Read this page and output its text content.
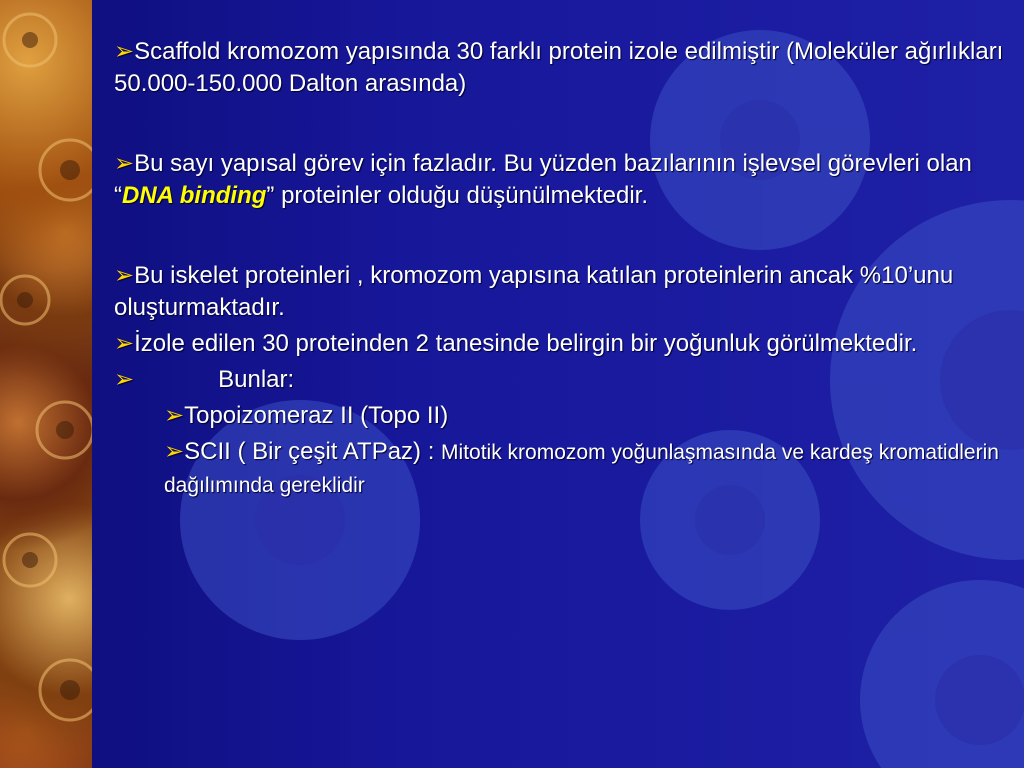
➢Scaffold kromozom yapısında 30 farklı protein izole edilmiştir (Moleküler ağırlıkları 50.000-150.000 Dalton arasında)

➢Bu sayı yapısal görev için fazladır. Bu yüzden bazılarının işlevsel görevleri olan “DNA binding” proteinler olduğu düşünülmektedir.

➢Bu iskelet proteinleri , kromozom yapısına katılan proteinlerin ancak %10’unu oluşturmaktadır.

➢İzole edilen 30 proteinden 2 tanesinde belirgin bir yoğunluk görülmektedir.

➢	Bunlar:

➢Topoizomeraz II (Topo II)

➢SCII ( Bir çeşit ATPaz) : Mitotik kromozom yoğunlaşmasında ve kardeş kromatidlerin dağılımında gereklidir
